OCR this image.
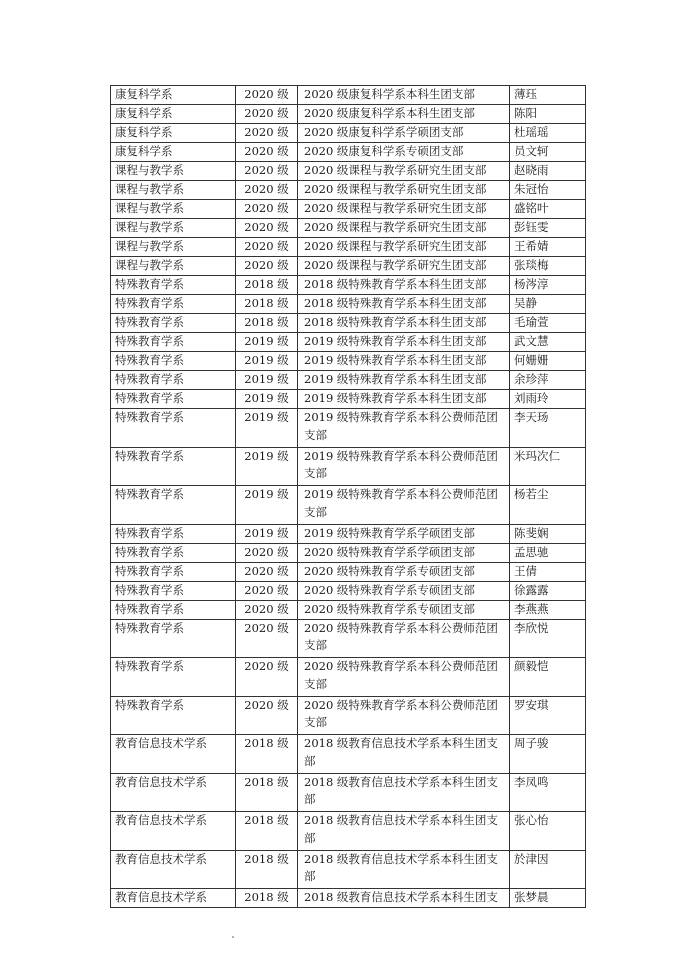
康复科学系	2020 级	2020 级康复科学系本科生团支部	薄珏
康复科学系	2020 级	2020 级康复科学系本科生团支部	陈阳
康复科学系	2020 级	2020 级康复科学系学硕团支部	杜瑶瑶
康复科学系	2020 级	2020 级康复科学系专硕团支部	员文轲
课程与教学系	2020 级	2020 级课程与教学系研究生团支部	赵晓雨
课程与教学系	2020 级	2020 级课程与教学系研究生团支部	朱冠怡
课程与教学系	2020 级	2020 级课程与教学系研究生团支部	盛铭叶
课程与教学系	2020 级	2020 级课程与教学系研究生团支部	彭钰雯
课程与教学系	2020 级	2020 级课程与教学系研究生团支部	王希婧
课程与教学系	2020 级	2020 级课程与教学系研究生团支部	张琰梅
特殊教育学系	2018 级	2018 级特殊教育学系本科生团支部	杨涔淳
特殊教育学系	2018 级	2018 级特殊教育学系本科生团支部	吴静
特殊教育学系	2018 级	2018 级特殊教育学系本科生团支部	毛瑜萱
特殊教育学系	2019 级	2019 级特殊教育学系本科生团支部	武文慧
特殊教育学系	2019 级	2019 级特殊教育学系本科生团支部	何姗姗
特殊教育学系	2019 级	2019 级特殊教育学系本科生团支部	余珍萍
特殊教育学系	2019 级	2019 级特殊教育学系本科生团支部	刘雨玲
特殊教育学系	2019 级	2019 级特殊教育学系本科公费师范团支部	李天玚
特殊教育学系	2019 级	2019 级特殊教育学系本科公费师范团支部	米玛次仁
特殊教育学系	2019 级	2019 级特殊教育学系本科公费师范团支部	杨若尘
特殊教育学系	2019 级	2019 级特殊教育学系学硕团支部	陈斐娴
特殊教育学系	2020 级	2020 级特殊教育学系学硕团支部	孟思驰
特殊教育学系	2020 级	2020 级特殊教育学系专硕团支部	王倩
特殊教育学系	2020 级	2020 级特殊教育学系专硕团支部	徐露露
特殊教育学系	2020 级	2020 级特殊教育学系专硕团支部	李燕燕
特殊教育学系	2020 级	2020 级特殊教育学系本科公费师范团支部	李欣悦
特殊教育学系	2020 级	2020 级特殊教育学系本科公费师范团支部	颜毅恺
特殊教育学系	2020 级	2020 级特殊教育学系本科公费师范团支部	罗安琪
教育信息技术学系	2018 级	2018 级教育信息技术学系本科生团支部	周子骏
教育信息技术学系	2018 级	2018 级教育信息技术学系本科生团支部	李凤鸣
教育信息技术学系	2018 级	2018 级教育信息技术学系本科生团支部	张心怡
教育信息技术学系	2018 级	2018 级教育信息技术学系本科生团支部	於津因
教育信息技术学系	2018 级	2018 级教育信息技术学系本科生团支	张梦晨
